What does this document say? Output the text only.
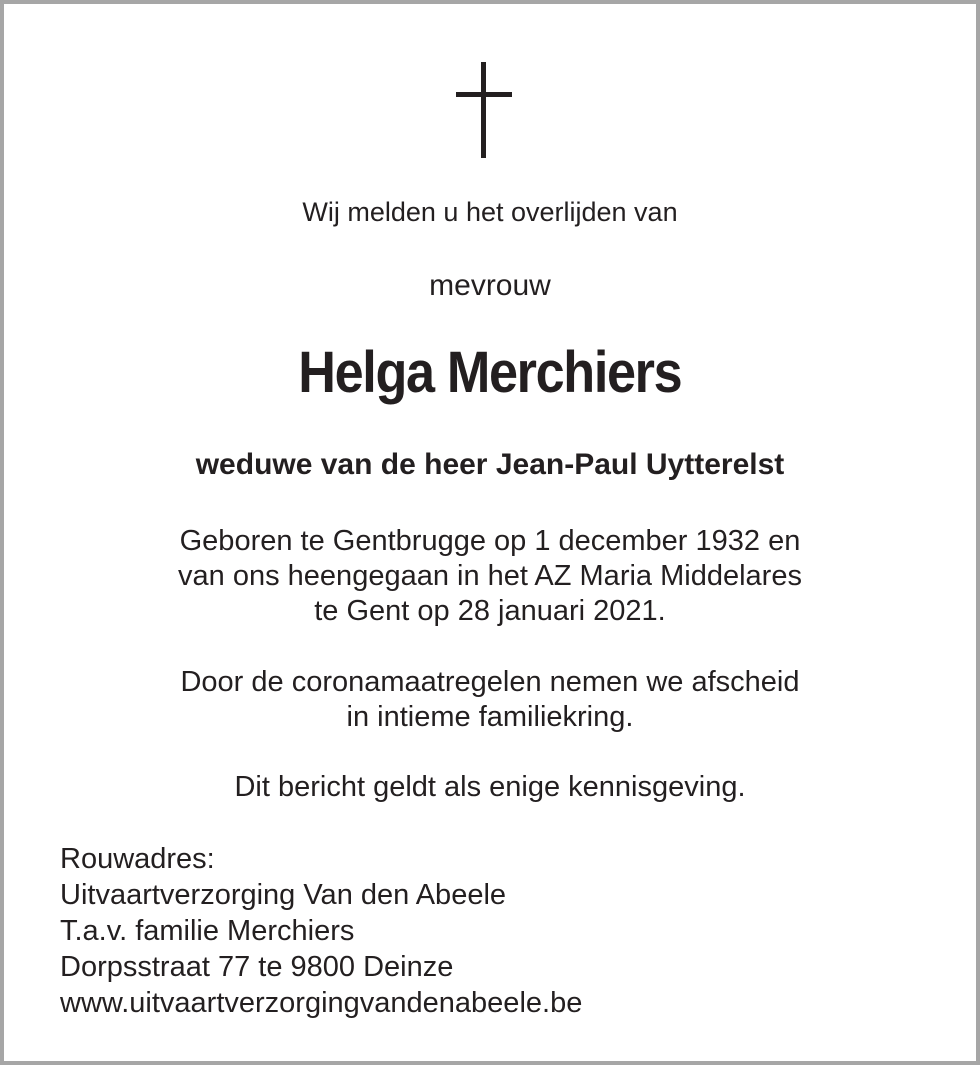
Wij melden u het overlijden van
mevrouw
Helga Merchiers
weduwe van de heer Jean-Paul Uytterelst
Geboren te Gentbrugge op 1 december 1932 en
van ons heengegaan in het AZ Maria Middelares
te Gent op 28 januari 2021.
Door de coronamaatregelen nemen we afscheid
in intieme familiekring.
Dit bericht geldt als enige kennisgeving.
Rouwadres:
Uitvaartverzorging Van den Abeele
T.a.v. familie Merchiers
Dorpsstraat 77 te 9800 Deinze
www.uitvaartverzorgingvandenabeele.be
